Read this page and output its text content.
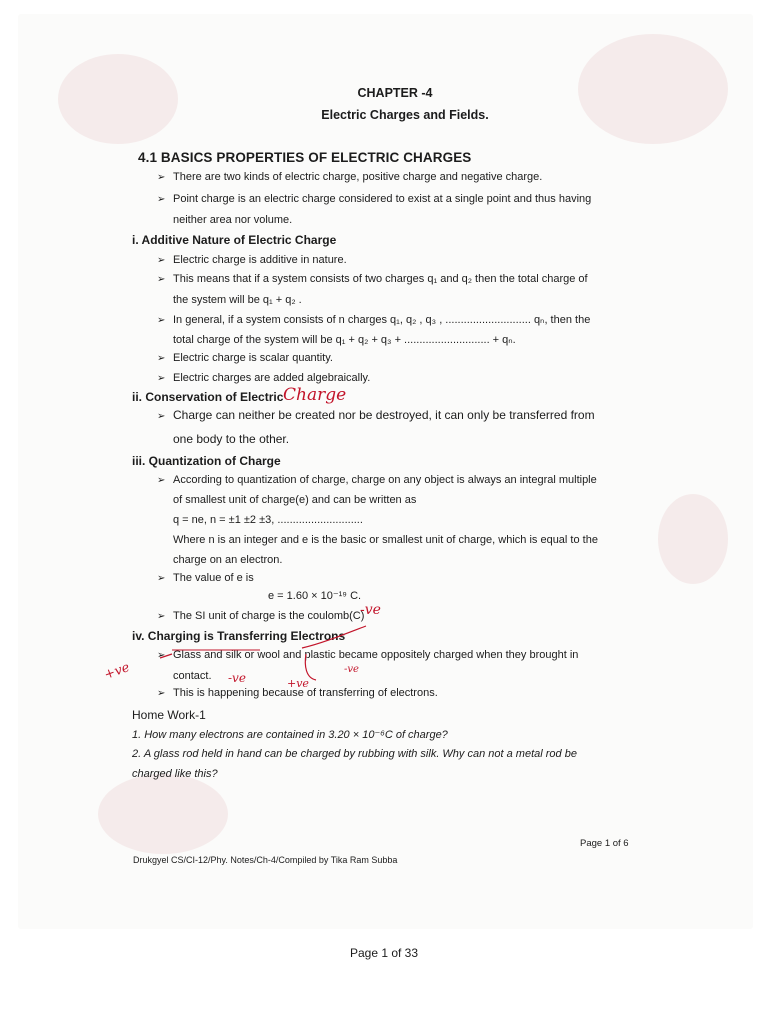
CHAPTER -4
Electric Charges and Fields.
4.1 BASICS PROPERTIES OF ELECTRIC CHARGES
➢ There are two kinds of electric charge, positive charge and negative charge.
➢ Point charge is an electric charge considered to exist at a single point and thus having
neither area nor volume.
i. Additive Nature of Electric Charge
➢ Electric charge is additive in nature.
➢ This means that if a system consists of two charges q₁ and q₂ then the total charge of
the system will be q₁ + q₂ .
➢ In general, if a system consists of n charges q₁, q₂ , q₃ , ............................ qₙ, then the
total charge of the system will be q₁ + q₂ + q₃ + ............................ + qₙ.
➢ Electric charge is scalar quantity.
➢ Electric charges are added algebraically.
ii. Conservation of Electric Charge
➢ Charge can neither be created nor be destroyed, it can only be transferred from
one body to the other.
iii. Quantization of Charge
➢ According to quantization of charge, charge on any object is always an integral multiple
of smallest unit of charge(e) and can be written as
q = ne, n = ±1 ±2 ±3, ............................
Where n is an integer and e is the basic or smallest unit of charge, which is equal to the
charge on an electron.
➢ The value of e is
e = 1.60 × 10⁻¹⁹ C.
➢ The SI unit of charge is the coulomb(C)
-ve
iv. Charging is Transferring Electrons
➢ Glass and silk or wool and plastic became oppositely charged when they brought in
contact.
+ve	-ve	+ve
-ve
➢ This is happening because of transferring of electrons.
Home Work-1
1. How many electrons are contained in 3.20 × 10⁻⁶C of charge?
2. A glass rod held in hand can be charged by rubbing with silk. Why can not a metal rod be
charged like this?
Page 1 of 6
Drukgyel CS/CI-12/Phy. Notes/Ch-4/Compiled by Tika Ram Subba
Page 1 of 33
